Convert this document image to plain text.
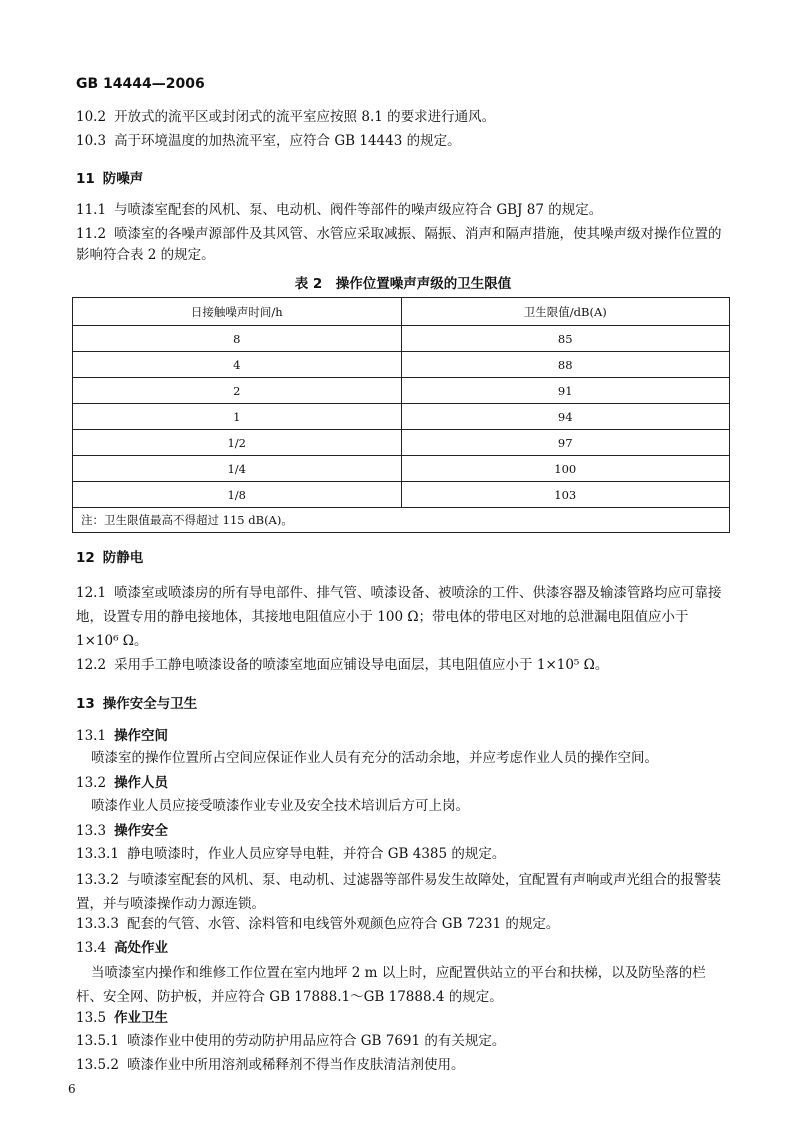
GB 14444—2006
10.2 开放式的流平区或封闭式的流平室应按照 8.1 的要求进行通风。
10.3 高于环境温度的加热流平室，应符合 GB 14443 的规定。
11 防噪声
11.1 与喷漆室配套的风机、泵、电动机、阀件等部件的噪声级应符合 GBJ 87 的规定。
11.2 喷漆室的各噪声源部件及其风管、水管应采取减振、隔振、消声和隔声措施，使其噪声级对操作位置的影响符合表 2 的规定。
表 2　操作位置噪声声级的卫生限值
日接触噪声时间/h	卫生限值/dB(A)
8	85
4	88
2	91
1	94
1/2	97
1/4	100
1/8	103
注：卫生限值最高不得超过 115 dB(A)。	
12 防静电
12.1 喷漆室或喷漆房的所有导电部件、排气管、喷漆设备、被喷涂的工件、供漆容器及输漆管路均应可靠接地，设置专用的静电接地体，其接地电阻值应小于 100 Ω；带电体的带电区对地的总泄漏电阻值应小于 1×10⁶ Ω。
12.2 采用手工静电喷漆设备的喷漆室地面应铺设导电面层，其电阻值应小于 1×10⁵ Ω。
13 操作安全与卫生
13.1 操作空间
喷漆室的操作位置所占空间应保证作业人员有充分的活动余地，并应考虑作业人员的操作空间。
13.2 操作人员
喷漆作业人员应接受喷漆作业专业及安全技术培训后方可上岗。
13.3 操作安全
13.3.1 静电喷漆时，作业人员应穿导电鞋，并符合 GB 4385 的规定。
13.3.2 与喷漆室配套的风机、泵、电动机、过滤器等部件易发生故障处，宜配置有声响或声光组合的报警装置，并与喷漆操作动力源连锁。
13.3.3 配套的气管、水管、涂料管和电线管外观颜色应符合 GB 7231 的规定。
13.4 高处作业
当喷漆室内操作和维修工作位置在室内地坪 2 m 以上时，应配置供站立的平台和扶梯，以及防坠落的栏杆、安全网、防护板，并应符合 GB 17888.1～GB 17888.4 的规定。
13.5 作业卫生
13.5.1 喷漆作业中使用的劳动防护用品应符合 GB 7691 的有关规定。
13.5.2 喷漆作业中所用溶剂或稀释剂不得当作皮肤清洁剂使用。
6
